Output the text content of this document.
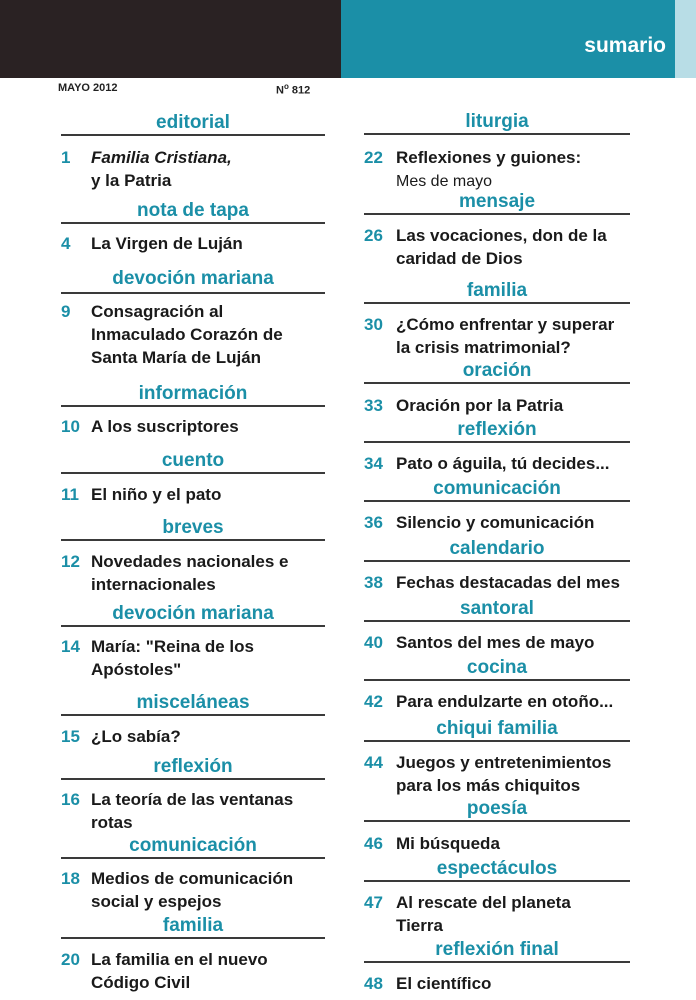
sumario
MAYO 2012	$N^o$ 812
editorial
1 Familia Cristiana,
y la Patria
nota de tapa
4 La Virgen de Luján
devoción mariana
9 Consagración al
Inmaculado Corazón de
Santa María de Luján
información
10 A los suscriptores
cuento
11 El niño y el pato
breves
12 Novedades nacionales e
internacionales
devoción mariana
14 María: "Reina de los
Apóstoles"
misceláneas
15 ¿Lo sabía?
reflexión
16 La teoría de las ventanas
rotas
comunicación
18 Medios de comunicación
social y espejos
familia
20 La familia en el nuevo
Código Civil
liturgia
22 Reflexiones y guiones:
Mes de mayo
mensaje
26 Las vocaciones, don de la
caridad de Dios
familia
30 ¿Cómo enfrentar y superar
la crisis matrimonial?
oración
33 Oración por la Patria
reflexión
34 Pato o águila, tú decides...
comunicación
36 Silencio y comunicación
calendario
38 Fechas destacadas del mes
santoral
40 Santos del mes de mayo
cocina
42 Para endulzarte en otoño...
chiqui familia
44 Juegos y entretenimientos
para los más chiquitos
poesía
46 Mi búsqueda
espectáculos
47 Al rescate del planeta
Tierra
reflexión final
48 El científico
